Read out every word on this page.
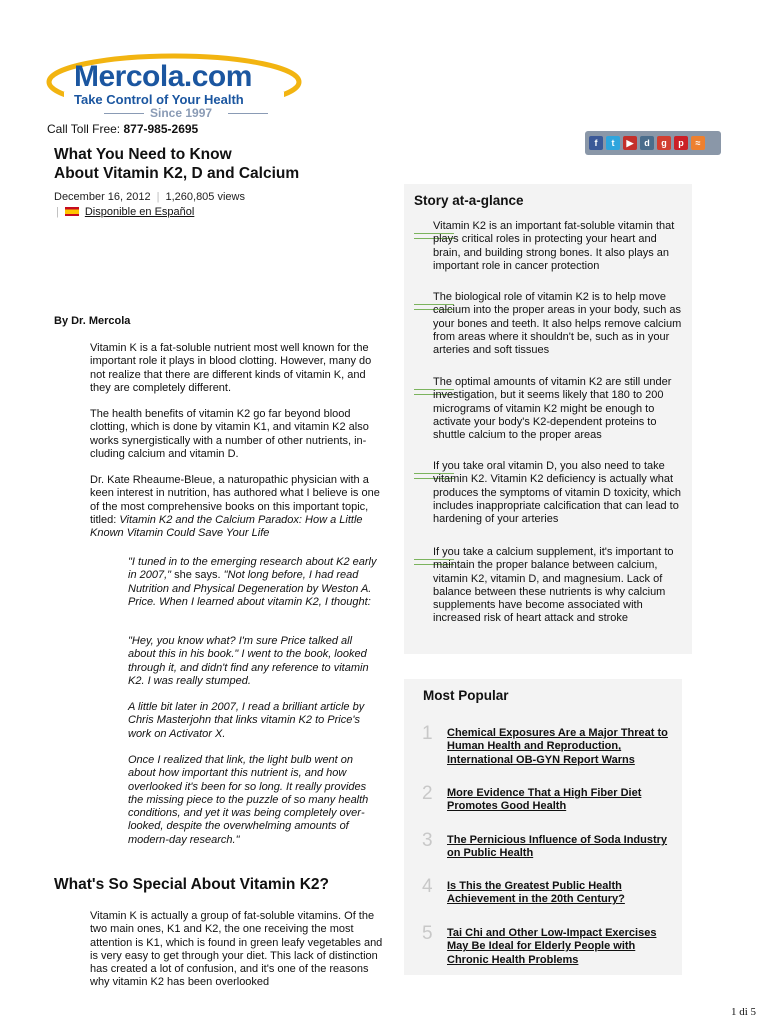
Mercola.com
Take Control of Your Health
Since 1997
Call Toll Free: 877-985-2695
f	t	▶	d	g	p	≈
What You Need to Know
About Vitamin K2, D and Calcium
December 16, 2012 | 1,260,805 views
| Disponible en Español
By Dr. Mercola
Vitamin K is a fat-soluble nutrient most well known for the important role it plays in blood clotting. However, many do not realize that there are different kinds of vitamin K, and they are completely different.
The health benefits of vitamin K2 go far beyond blood clotting, which is done by vitamin K1, and vitamin K2 also works synergistically with a number of other nutrients, including calcium and vitamin D.
Dr. Kate Rheaume-Bleue, a naturopathic physician with a keen interest in nutrition, has authored what I believe is one of the most comprehensive books on this important topic, titled: Vitamin K2 and the Calcium Paradox: How a Little Known Vitamin Could Save Your Life
"I tuned in to the emerging research about K2 early in 2007," she says. "Not long before, I had read Nutrition and Physical Degeneration by Weston A. Price. When I learned about vitamin K2, I thought:
"Hey, you know what? I'm sure Price talked all about this in his book." I went to the book, looked through it, and didn't find any reference to vitamin K2. I was really stumped.
A little bit later in 2007, I read a brilliant article by Chris Masterjohn that links vitamin K2 to Price's work on Activator X.
Once I realized that link, the light bulb went on about how important this nutrient is, and how overlooked it's been for so long. It really provides the missing piece to the puzzle of so many health conditions, and yet it was being completely overlooked, despite the overwhelming amounts of modern-day research."
What's So Special About Vitamin K2?
Vitamin K is actually a group of fat-soluble vitamins. Of the two main ones, K1 and K2, the one receiving the most attention is K1, which is found in green leafy vegetables and is very easy to get through your diet. This lack of distinction has created a lot of confusion, and it's one of the reasons why vitamin K2 has been overlooked
Story at-a-glance
Vitamin K2 is an important fat-soluble vitamin that plays critical roles in protecting your heart and brain, and building strong bones. It also plays an important role in cancer protection
The biological role of vitamin K2 is to help move calcium into the proper areas in your body, such as your bones and teeth. It also helps remove calcium from areas where it shouldn't be, such as in your arteries and soft tissues
The optimal amounts of vitamin K2 are still under investigation, but it seems likely that 180 to 200 micrograms of vitamin K2 might be enough to activate your body's K2-dependent proteins to shuttle calcium to the proper areas
If you take oral vitamin D, you also need to take vitamin K2. Vitamin K2 deficiency is actually what produces the symptoms of vitamin D toxicity, which includes inappropriate calcification that can lead to hardening of your arteries
If you take a calcium supplement, it's important to maintain the proper balance between calcium, vitamin K2, vitamin D, and magnesium. Lack of balance between these nutrients is why calcium supplements have become associated with increased risk of heart attack and stroke
Most Popular
1 Chemical Exposures Are a Major Threat to Human Health and Reproduction, International OB-GYN Report Warns
2 More Evidence That a High Fiber Diet Promotes Good Health
3 The Pernicious Influence of Soda Industry on Public Health
4 Is This the Greatest Public Health Achievement in the 20th Century?
5 Tai Chi and Other Low-Impact Exercises May Be Ideal for Elderly People with Chronic Health Problems
1 di 5
